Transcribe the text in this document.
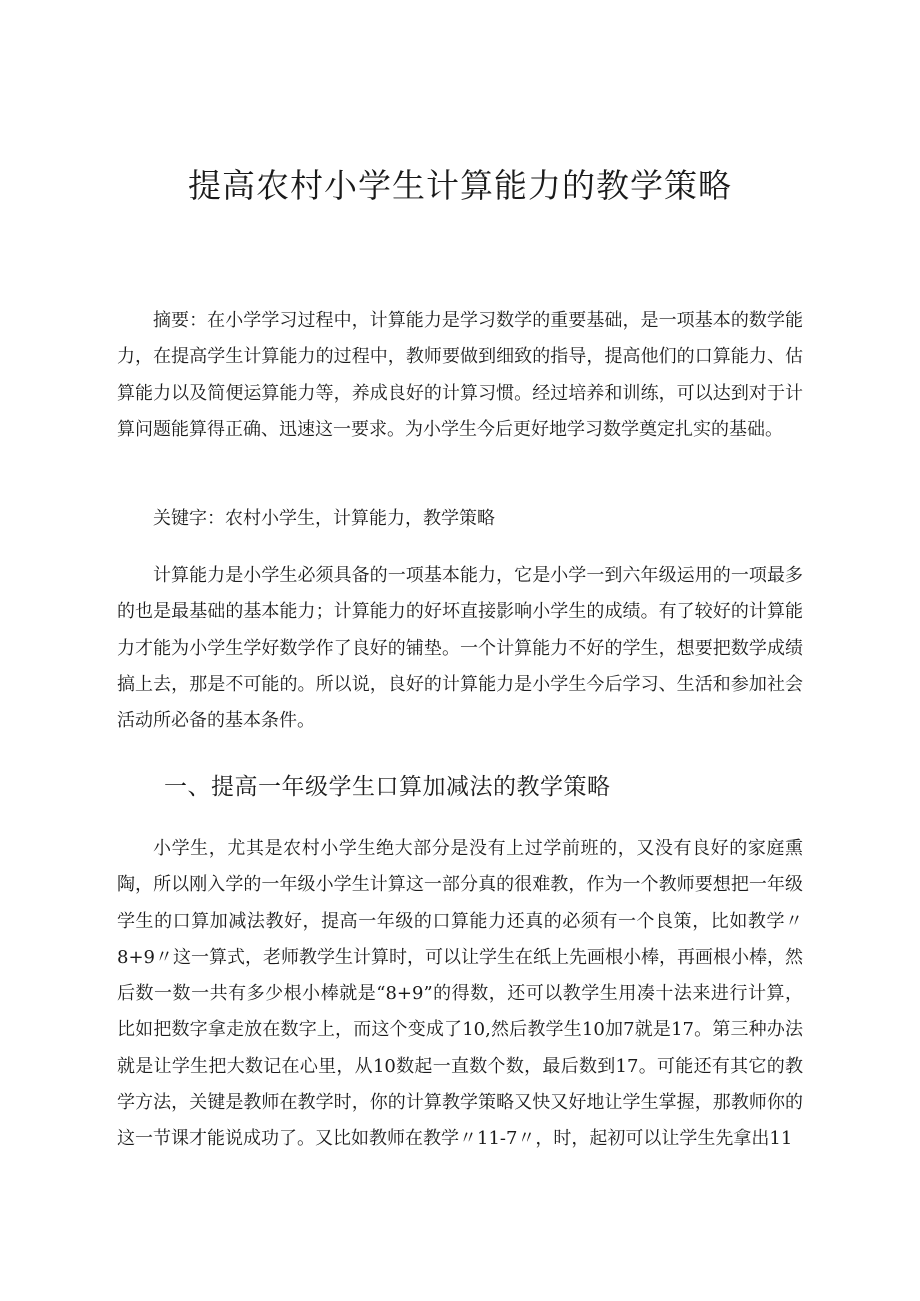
提高农村小学生计算能力的教学策略

摘要：在小学学习过程中，计算能力是学习数学的重要基础，是一项基本的数学能力，在提高学生计算能力的过程中，教师要做到细致的指导，提高他们的口算能力、估算能力以及简便运算能力等，养成良好的计算习惯。经过培养和训练，可以达到对于计算问题能算得正确、迅速这一要求。为小学生今后更好地学习数学奠定扎实的基础。

关键字：农村小学生，计算能力，教学策略

计算能力是小学生必须具备的一项基本能力，它是小学一到六年级运用的一项最多的也是最基础的基本能力；计算能力的好坏直接影响小学生的成绩。有了较好的计算能力才能为小学生学好数学作了良好的铺垫。一个计算能力不好的学生，想要把数学成绩搞上去，那是不可能的。所以说，良好的计算能力是小学生今后学习、生活和参加社会活动所必备的基本条件。

一、提高一年级学生口算加减法的教学策略

小学生，尤其是农村小学生绝大部分是没有上过学前班的，又没有良好的家庭熏陶，所以刚入学的一年级小学生计算这一部分真的很难教，作为一个教师要想把一年级学生的口算加减法教好，提高一年级的口算能力还真的必须有一个良策，比如教学〃8+9〃这一算式，老师教学生计算时，可以让学生在纸上先画根小棒，再画根小棒，然后数一数一共有多少根小棒就是“8+9”的得数，还可以教学生用凑十法来进行计算，比如把数字拿走放在数字上，而这个变成了10,然后教学生10加7就是17。第三种办法就是让学生把大数记在心里，从10数起一直数个数，最后数到17。可能还有其它的教学方法，关键是教师在教学时，你的计算教学策略又快又好地让学生掌握，那教师你的这一节课才能说成功了。又比如教师在教学〃11-7〃，时，起初可以让学生先拿出11
